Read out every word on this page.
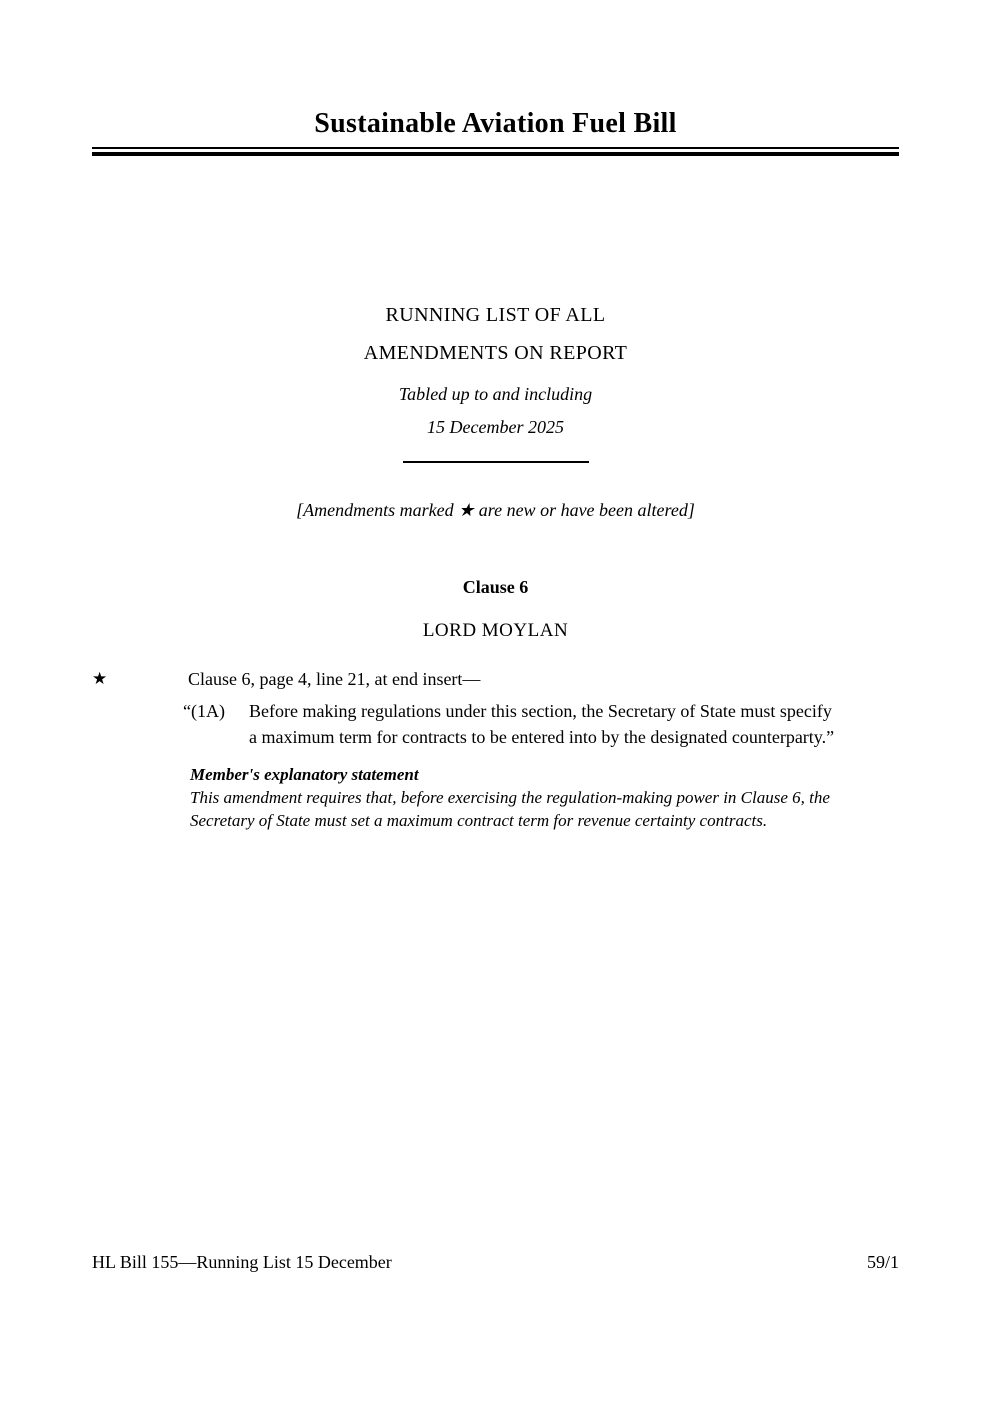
Sustainable Aviation Fuel Bill
RUNNING LIST OF ALL
AMENDMENTS ON REPORT
Tabled up to and including
15 December 2025
[Amendments marked ★ are new or have been altered]
Clause 6
LORD MOYLAN
★	Clause 6, page 4, line 21, at end insert—
“(1A) Before making regulations under this section, the Secretary of State must specify
a maximum term for contracts to be entered into by the designated counterparty.”
Member's explanatory statement
This amendment requires that, before exercising the regulation-making power in Clause 6, the
Secretary of State must set a maximum contract term for revenue certainty contracts.
HL Bill 155—Running List 15 December	59/1
